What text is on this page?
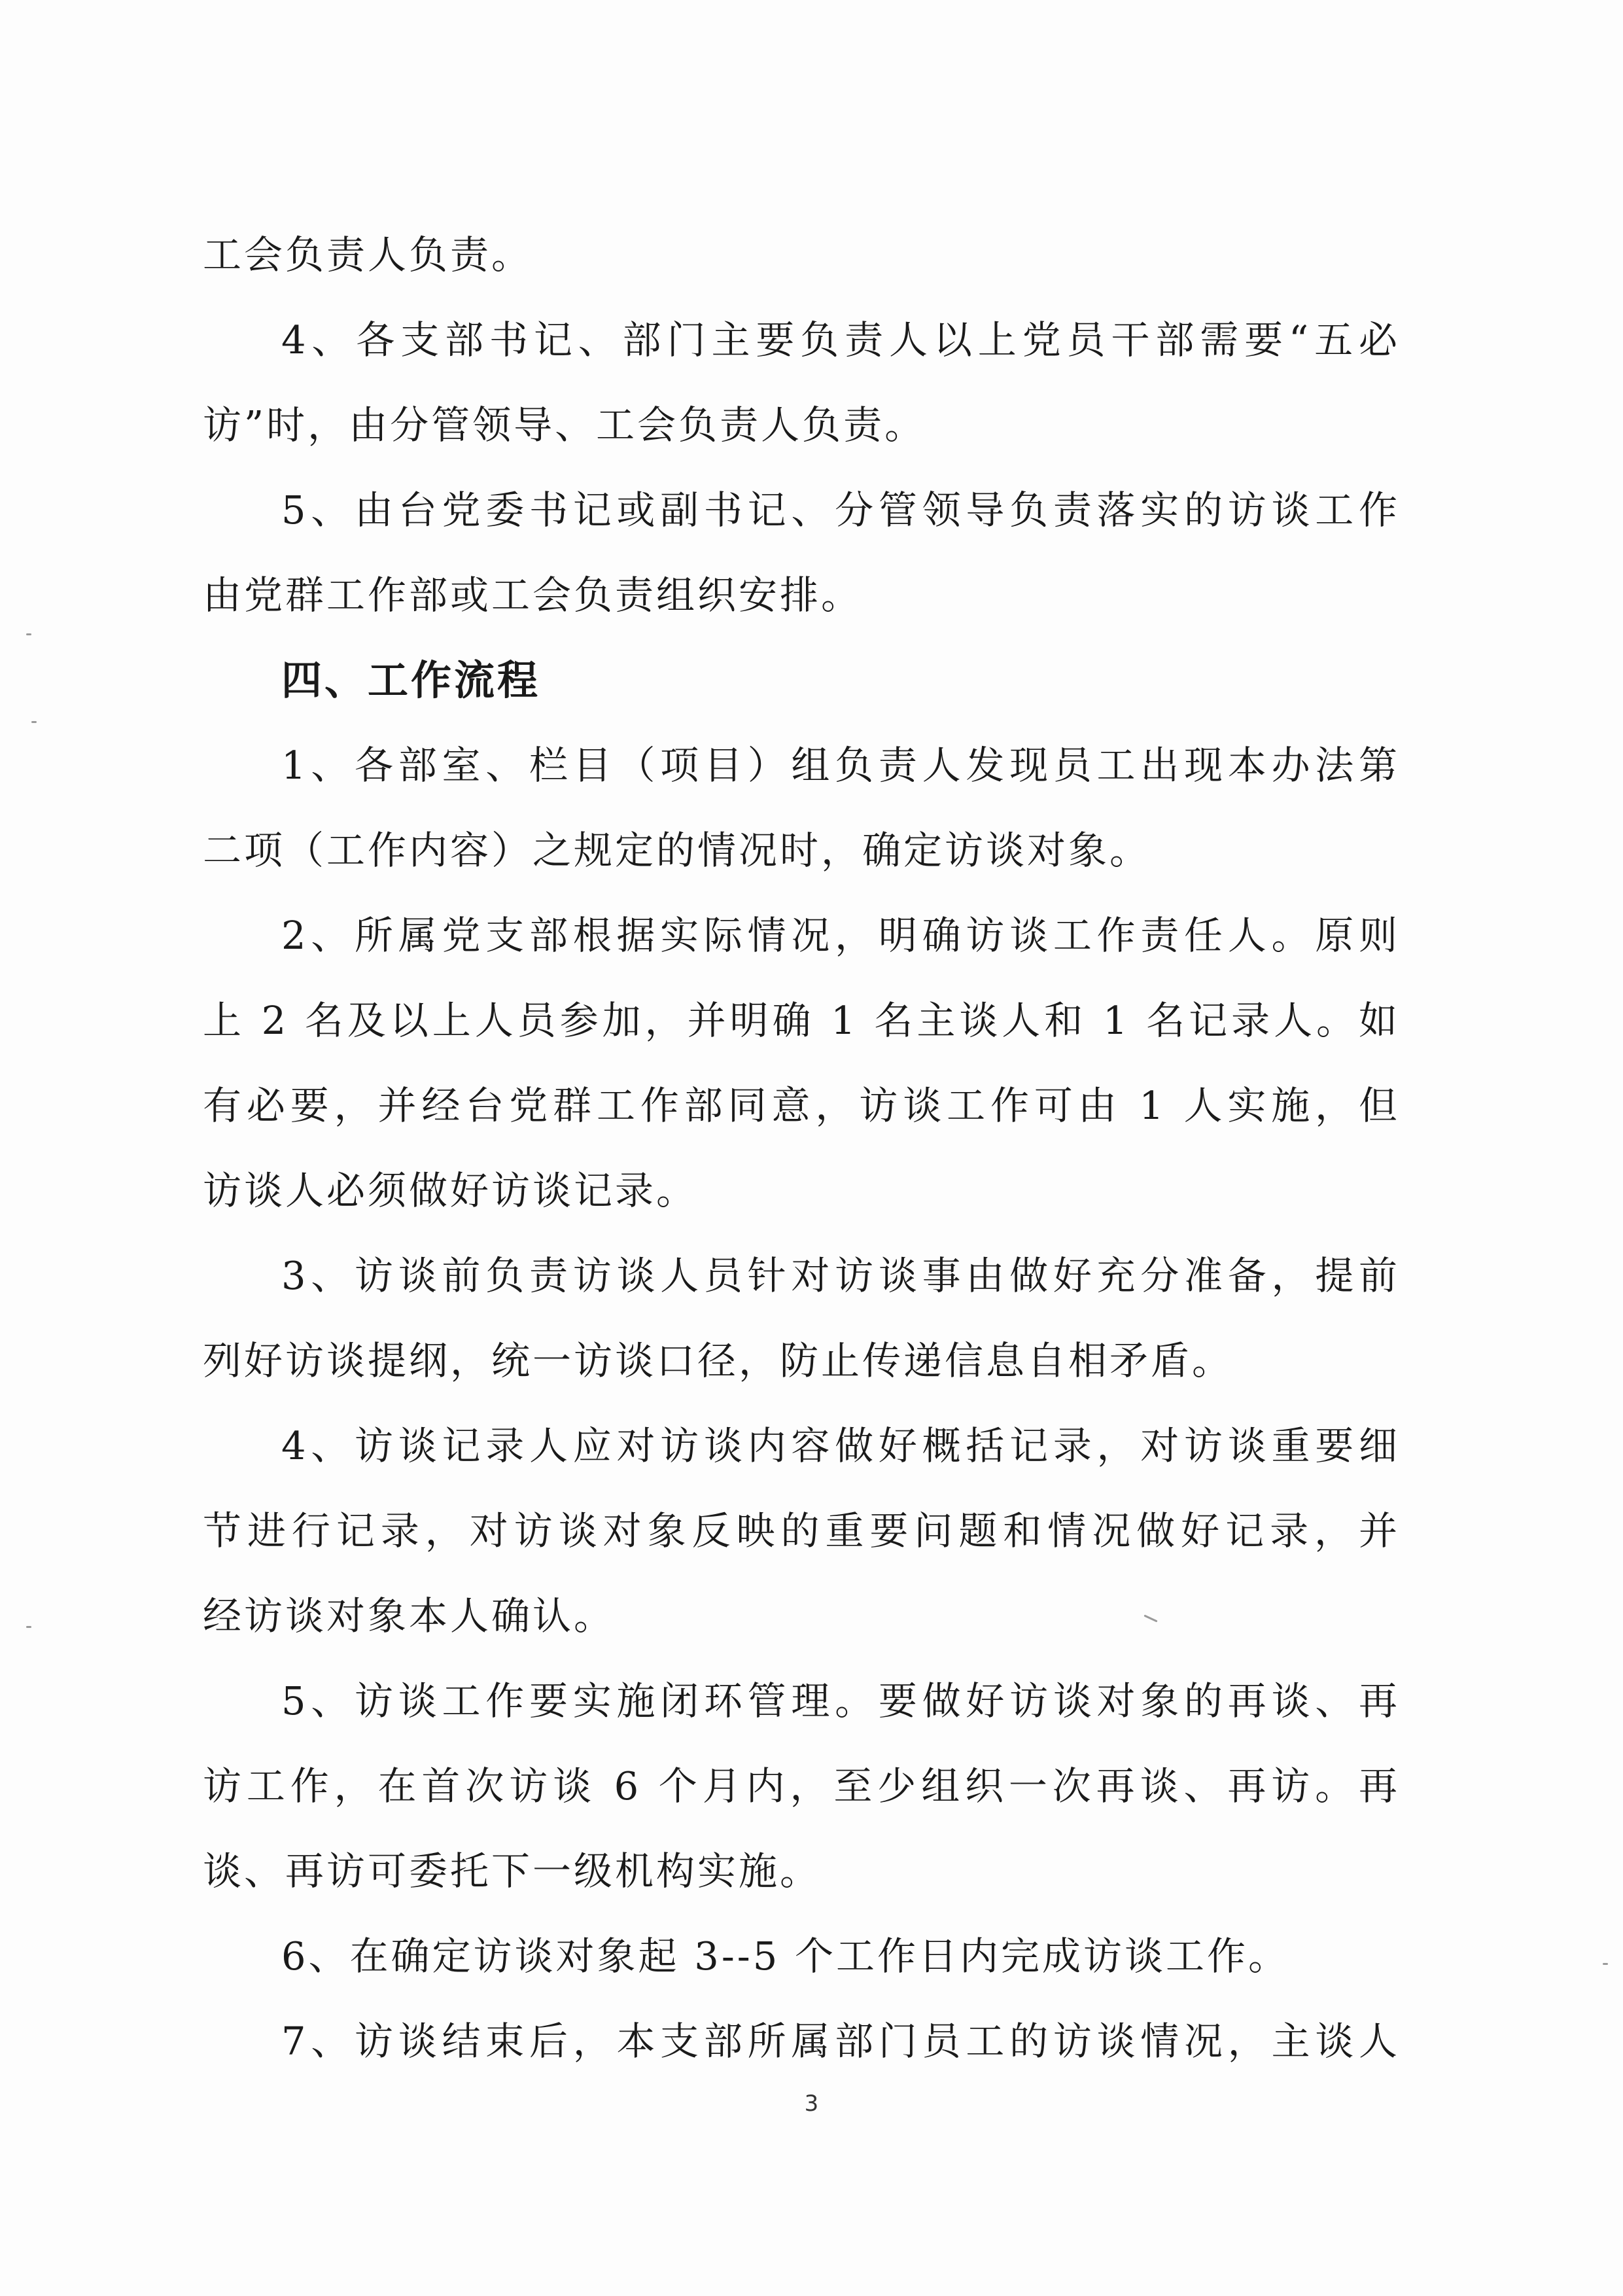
工会负责人负责。
4、各支部书记、部门主要负责人以上党员干部需要“五必
访”时，由分管领导、工会负责人负责。
5、由台党委书记或副书记、分管领导负责落实的访谈工作
由党群工作部或工会负责组织安排。
四、工作流程
1、各部室、栏目（项目）组负责人发现员工出现本办法第
二项（工作内容）之规定的情况时，确定访谈对象。
2、所属党支部根据实际情况，明确访谈工作责任人。原则
上 2 名及以上人员参加，并明确 1 名主谈人和 1 名记录人。如
有必要，并经台党群工作部同意，访谈工作可由 1 人实施，但
访谈人必须做好访谈记录。
3、访谈前负责访谈人员针对访谈事由做好充分准备，提前
列好访谈提纲，统一访谈口径，防止传递信息自相矛盾。
4、访谈记录人应对访谈内容做好概括记录，对访谈重要细
节进行记录，对访谈对象反映的重要问题和情况做好记录，并
经访谈对象本人确认。
5、访谈工作要实施闭环管理。要做好访谈对象的再谈、再
访工作，在首次访谈 6 个月内，至少组织一次再谈、再访。再
谈、再访可委托下一级机构实施。
6、在确定访谈对象起 3--5 个工作日内完成访谈工作。
7、访谈结束后，本支部所属部门员工的访谈情况，主谈人
3
